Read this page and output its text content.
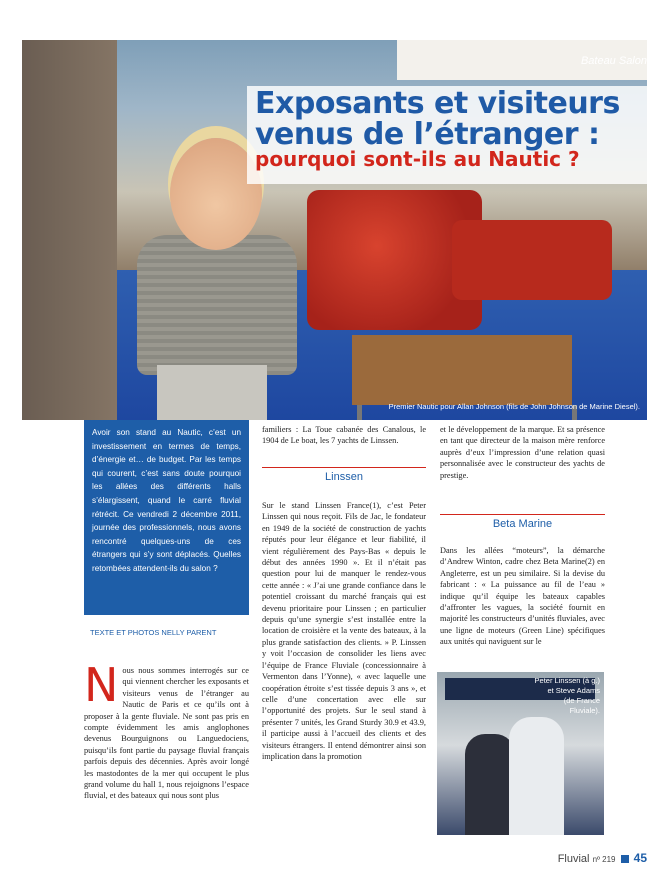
Bateau Salon
Exposants et visiteurs
venus de l’étranger :
pourquoi sont-ils au Nautic ?
Premier Nautic pour Allan Johnson (fils de John Johnson de Marine Diesel).
Avoir son stand au Nautic, c’est un investissement en termes de temps, d’énergie et… de budget. Par les temps qui courent, c’est sans doute pourquoi les allées des différents halls s’élargissent, quand le carré fluvial rétrécit. Ce vendredi 2 décembre 2011, journée des professionnels, nous avons rencontré quelques-uns de ces étrangers qui s’y sont déplacés. Quelles retombées attendent-ils du salon ?
TEXTE ET PHOTOS NELLY PARENT
N ous nous sommes interrogés sur ce qui viennent chercher les exposants et visiteurs venus de l’étranger au Nautic de Paris et ce qu’ils ont à proposer à la gente fluviale. Ne sont pas pris en compte évidemment les amis anglophones devenus Bourguignons ou Languedociens, puisqu’ils font partie du paysage fluvial français parfois depuis des décennies. Après avoir longé les mastodontes de la mer qui occupent le plus grand volume du hall 1, nous rejoignons l’espace fluvial, et des bateaux qui nous sont plus

familiers : La Toue cabanée des Canalous, le 1904 de Le boat, les 7 yachts de Linssen.

Linssen

Sur le stand Linssen France(1), c’est Peter Linssen qui nous reçoit. Fils de Jac, le fondateur en 1949 de la société de construction de yachts réputés pour leur élégance et leur fiabilité, il vient régulièrement des Pays-Bas « depuis le début des années 1990 ». Et il n’était pas question pour lui de manquer le rendez-vous cette année : « J’ai une grande confiance dans le potentiel croissant du marché français qui est devenu prioritaire pour Linssen ; en particulier depuis qu’une synergie s’est installée entre la location de croisière et la vente des bateaux, à la plus grande satisfaction des clients. » P. Linssen y voit l’occasion de consolider les liens avec l’équipe de France Fluviale (concessionnaire à Vermenton dans l’Yonne), « avec laquelle une coopération étroite s’est tissée depuis 3 ans », et celle d’une concertation avec elle sur l’opportunité des projets. Sur le seul stand à présenter 7 unités, les Grand Sturdy 30.9 et 43.9, il participe aussi à l’accueil des clients et des visiteurs étrangers. Il entend démontrer ainsi son implication dans la promotion

et le développement de la marque. Et sa présence en tant que directeur de la maison mère renforce auprès d’eux l’impression d’une relation quasi personnalisée avec le constructeur des yachts de prestige.

Beta Marine

Dans les allées “moteurs”, la démarche d’Andrew Winton, cadre chez Beta Marine(2) en Angleterre, est un peu similaire. Si la devise du fabricant : « La puissance au fil de l’eau » indique qu’il équipe les bateaux capables d’affronter les vagues, la société fournit en majorité les constructeurs d’unités fluviales, avec une ligne de moteurs (Green Line) spécifiques aux unités qui naviguent sur le

Peter Linssen (à g.)
et Steve Adams
(de France
Fluviale).
Fluvial nº 219 45
